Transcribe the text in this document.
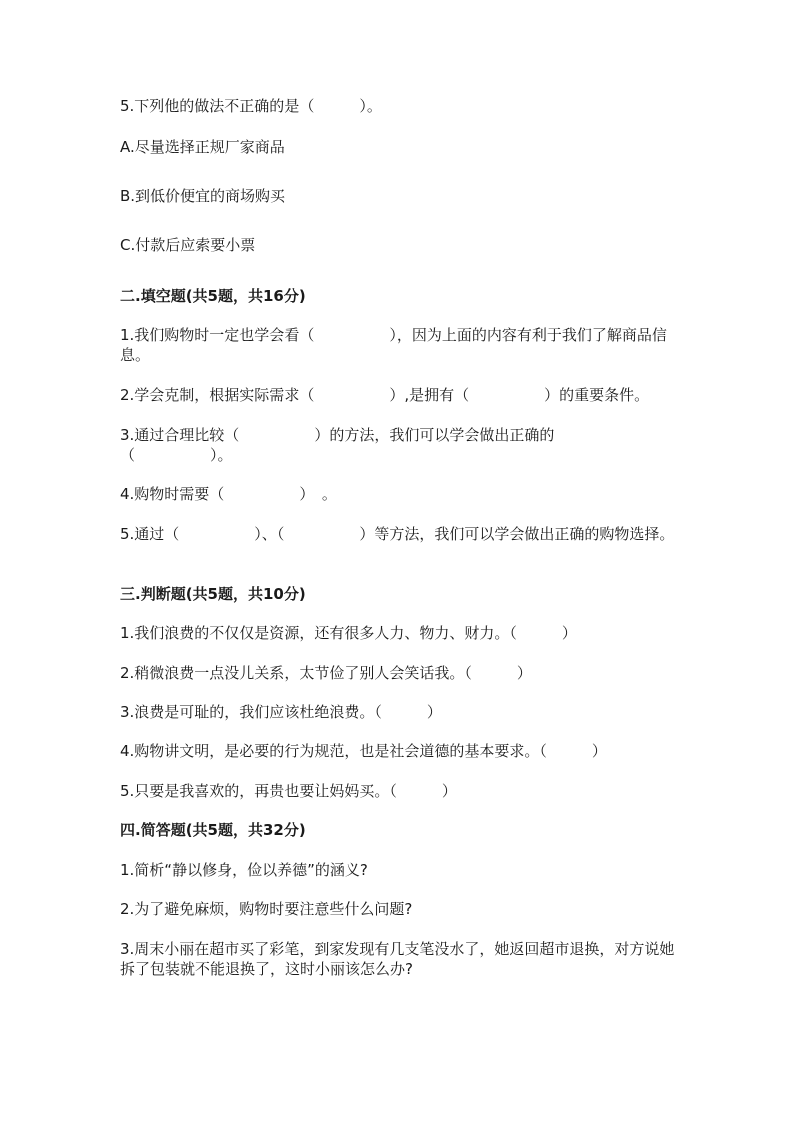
5.下列他的做法不正确的是（　　　）。
A.尽量选择正规厂家商品
B.到低价便宜的商场购买
C.付款后应索要小票
二.填空题(共5题，共16分)
1.我们购物时一定也学会看（　　　　　），因为上面的内容有利于我们了解商品信息。
2.学会克制，根据实际需求（　　　　　）,是拥有（　　　　　）的重要条件。
3.通过合理比较（　　　　　）的方法，我们可以学会做出正确的
（　　　　　）。
4.购物时需要（　　　　　）　。
5.通过（　　　　　）、（　　　　　）等方法，我们可以学会做出正确的购物选择。
三.判断题(共5题，共10分)
1.我们浪费的不仅仅是资源，还有很多人力、物力、财力。（　　　）
2.稍微浪费一点没儿关系，太节俭了别人会笑话我。（　　　）
3.浪费是可耻的，我们应该杜绝浪费。（　　　）
4.购物讲文明，是必要的行为规范，也是社会道德的基本要求。（　　　）
5.只要是我喜欢的，再贵也要让妈妈买。（　　　）
四.简答题(共5题，共32分)
1.简析“静以修身，俭以养德”的涵义?
2.为了避免麻烦，购物时要注意些什么问题?
3.周末小丽在超市买了彩笔，到家发现有几支笔没水了，她返回超市退换，对方说她拆了包装就不能退换了，这时小丽该怎么办?
